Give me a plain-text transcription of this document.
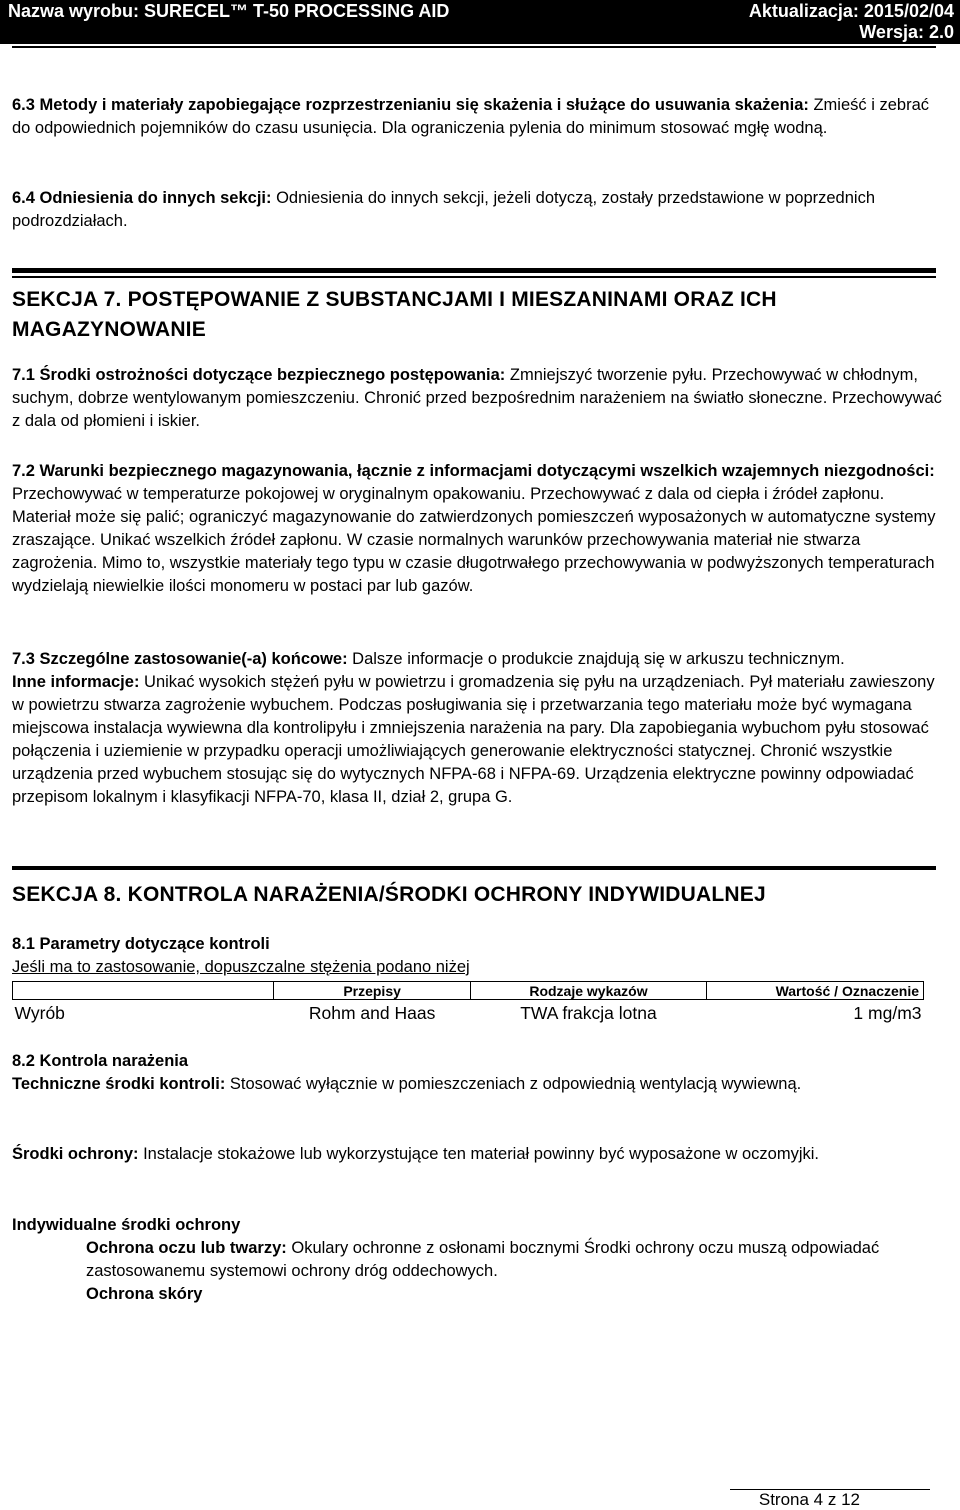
Nazwa wyrobu: SURECEL™ T-50 PROCESSING AID	Aktualizacja: 2015/02/04
Wersja: 2.0

6.3 Metody i materiały zapobiegające rozprzestrzenianiu się skażenia i służące do usuwania skażenia: Zmieść i zebrać do odpowiednich pojemników do czasu usunięcia. Dla ograniczenia pylenia do minimum stosować mgłę wodną.

6.4 Odniesienia do innych sekcji: Odniesienia do innych sekcji, jeżeli dotyczą, zostały przedstawione w poprzednich podrozdziałach.

SEKCJA 7. POSTĘPOWANIE Z SUBSTANCJAMI I MIESZANINAMI ORAZ ICH MAGAZYNOWANIE

7.1 Środki ostrożności dotyczące bezpiecznego postępowania: Zmniejszyć tworzenie pyłu. Przechowywać w chłodnym, suchym, dobrze wentylowanym pomieszczeniu. Chronić przed bezpośrednim narażeniem na światło słoneczne. Przechowywać z dala od płomieni i iskier.

7.2 Warunki bezpiecznego magazynowania, łącznie z informacjami dotyczącymi wszelkich wzajemnych niezgodności: Przechowywać w temperaturze pokojowej w oryginalnym opakowaniu. Przechowywać z dala od ciepła i źródeł zapłonu. Materiał może się palić; ograniczyć magazynowanie do zatwierdzonych pomieszczeń wyposażonych w automatyczne systemy zraszające. Unikać wszelkich źródeł zapłonu. W czasie normalnych warunków przechowywania materiał nie stwarza zagrożenia. Mimo to, wszystkie materiały tego typu w czasie długotrwałego przechowywania w podwyższonych temperaturach wydzielają niewielkie ilości monomeru w postaci par lub gazów.

7.3 Szczególne zastosowanie(-a) końcowe: Dalsze informacje o produkcie znajdują się w arkuszu technicznym.
Inne informacje: Unikać wysokich stężeń pyłu w powietrzu i gromadzenia się pyłu na urządzeniach. Pył materiału zawieszony w powietrzu stwarza zagrożenie wybuchem. Podczas posługiwania się i przetwarzania tego materiału może być wymagana miejscowa instalacja wywiewna dla kontrolipyłu i zmniejszenia narażenia na pary. Dla zapobiegania wybuchom pyłu stosować połączenia i uziemienie w przypadku operacji umożliwiających generowanie elektryczności statycznej. Chronić wszystkie urządzenia przed wybuchem stosując się do wytycznych NFPA-68 i NFPA-69. Urządzenia elektryczne powinny odpowiadać przepisom lokalnym i klasyfikacji NFPA-70, klasa II, dział 2, grupa G.

SEKCJA 8. KONTROLA NARAŻENIA/ŚRODKI OCHRONY INDYWIDUALNEJ

8.1 Parametry dotyczące kontroli
Jeśli ma to zastosowanie, dopuszczalne stężenia podano niżej

	Przepisy	Rodzaje wykazów	Wartość / Oznaczenie
Wyrób	Rohm and Haas	TWA frakcja lotna	1 mg/m3

8.2 Kontrola narażenia
Techniczne środki kontroli: Stosować wyłącznie w pomieszczeniach z odpowiednią wentylacją wywiewną.

Środki ochrony: Instalacje stokażowe lub wykorzystujące ten materiał powinny być wyposażone w oczomyjki.

Indywidualne środki ochrony

Ochrona oczu lub twarzy: Okulary ochronne z osłonami bocznymi Środki ochrony oczu muszą odpowiadać zastosowanemu systemowi ochrony dróg oddechowych.
Ochrona skóry

Strona 4 z 12
